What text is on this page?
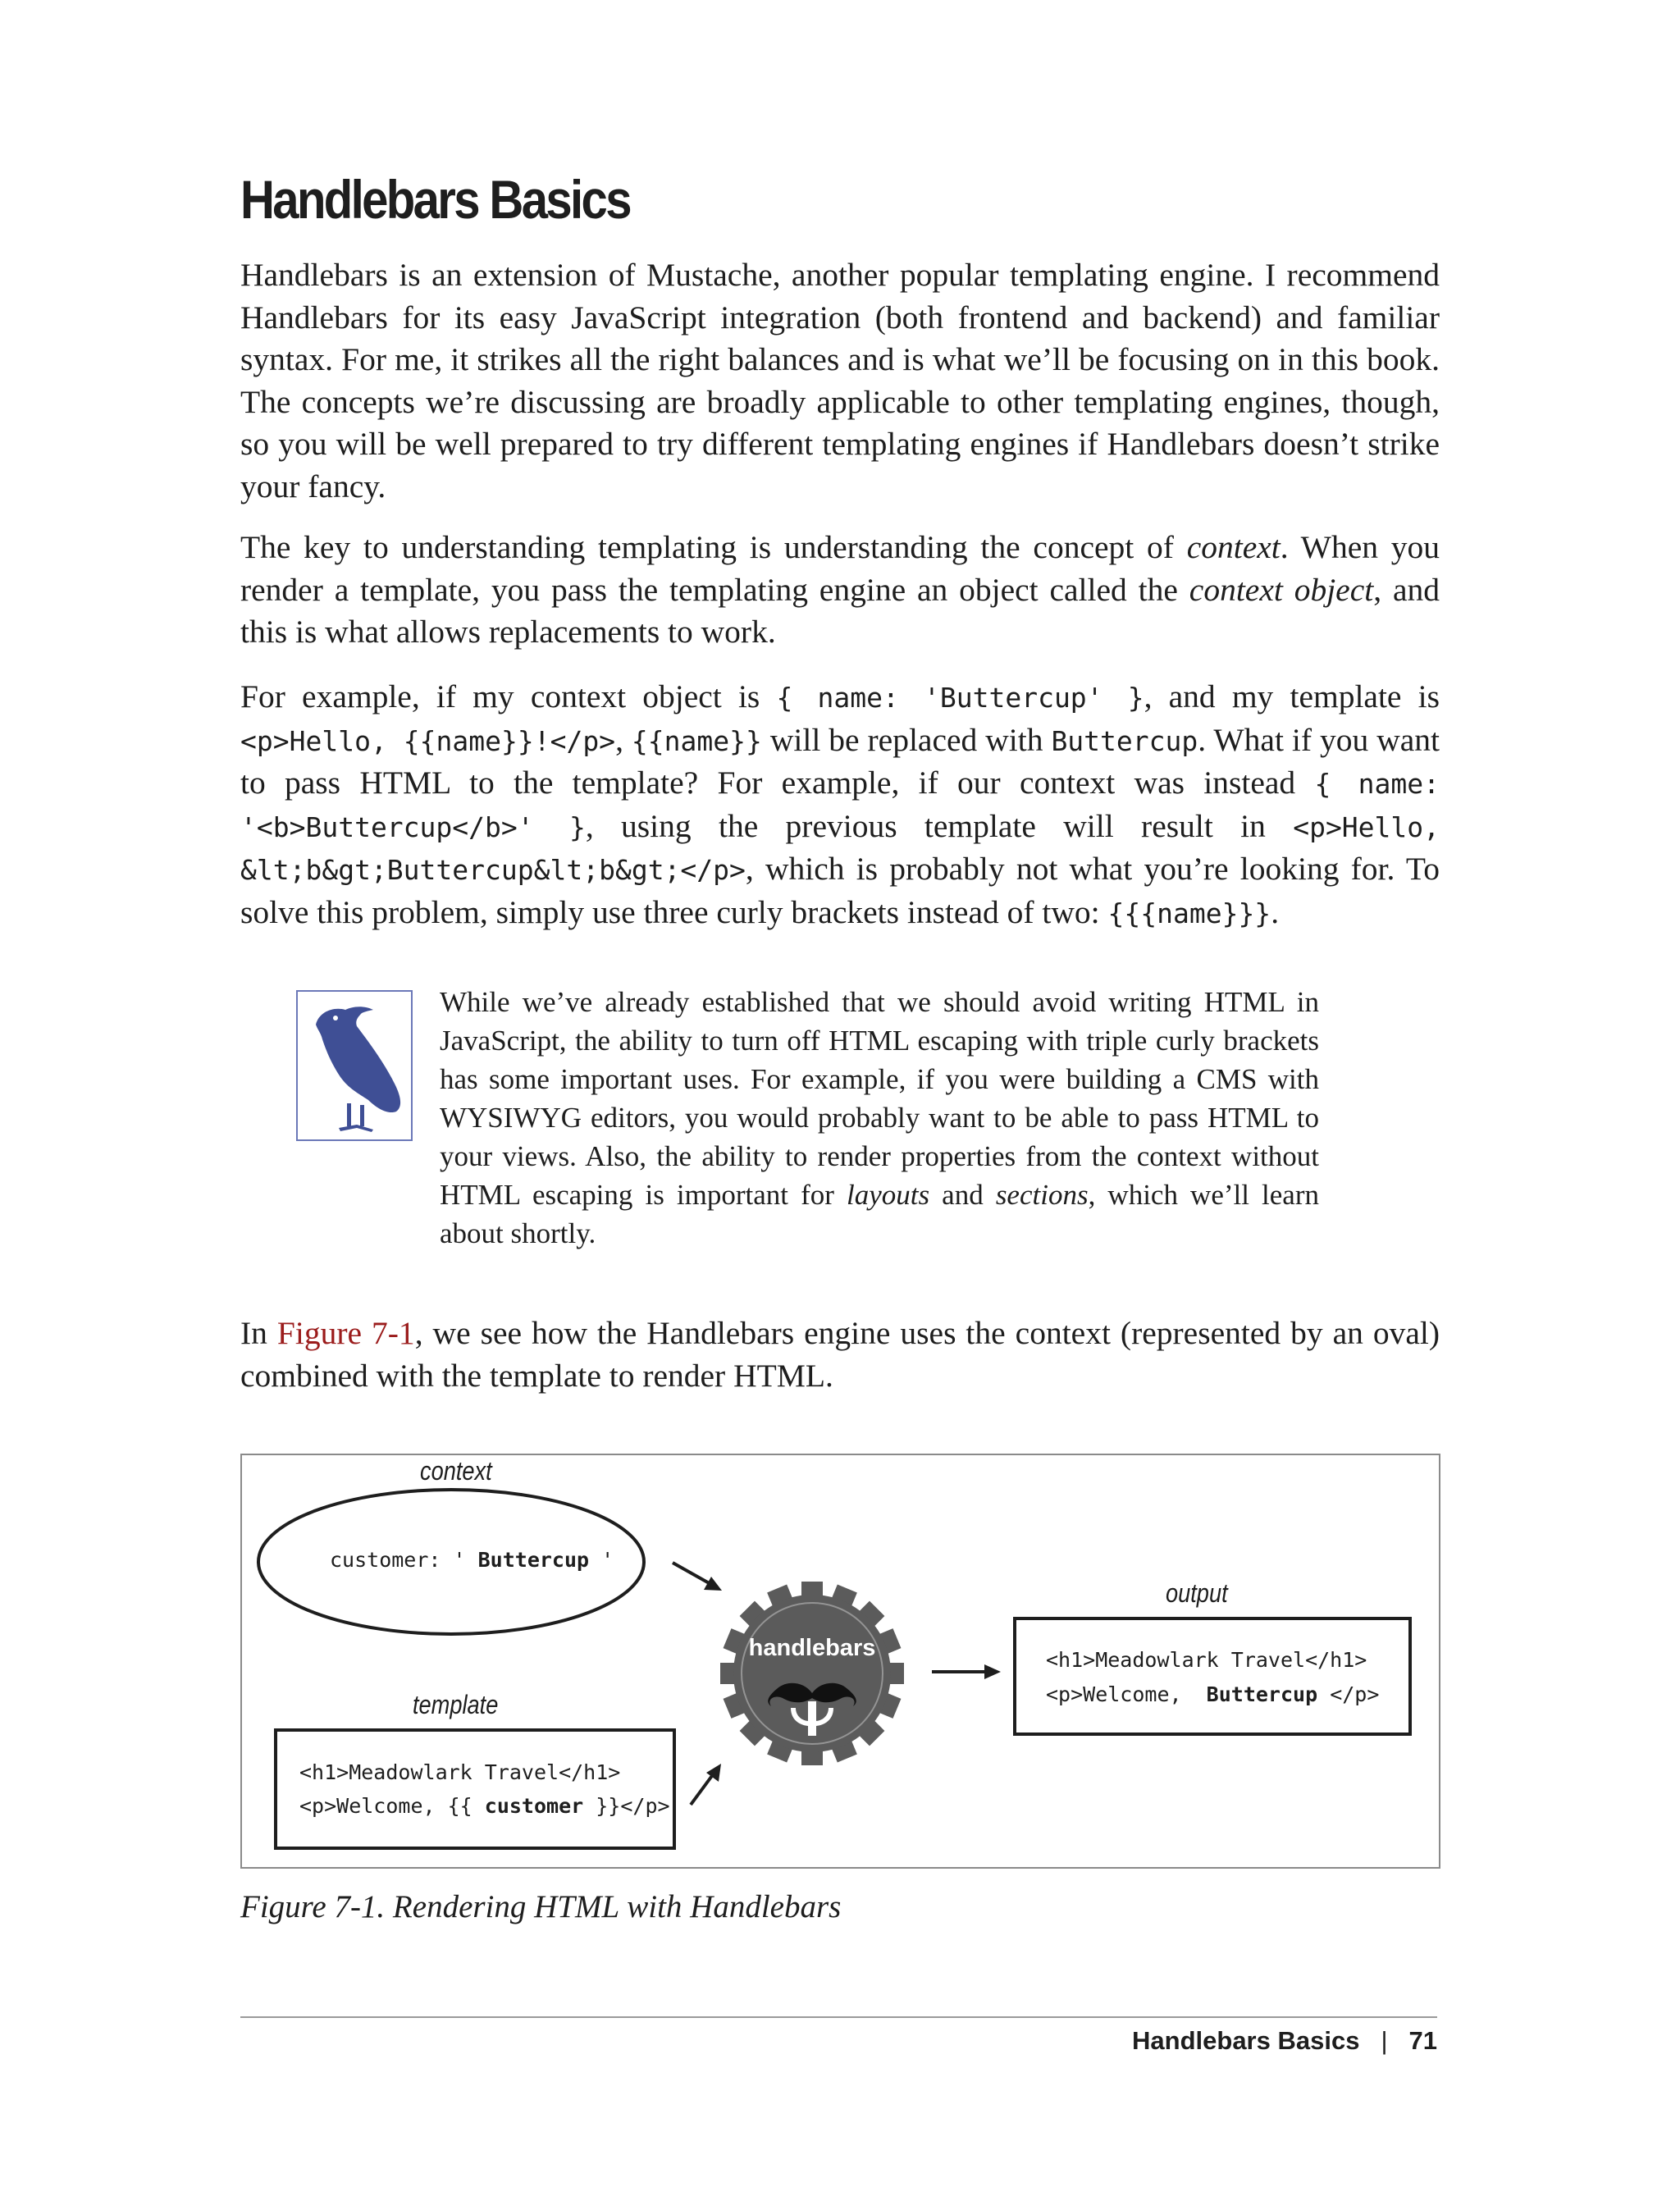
Handlebars Basics

Handlebars is an extension of Mustache, another popular templating engine. I recommend Handlebars for its easy JavaScript integration (both frontend and backend) and familiar syntax. For me, it strikes all the right balances and is what we’ll be focusing on in this book. The concepts we’re discussing are broadly applicable to other templating engines, though, so you will be well prepared to try different templating engines if Handlebars doesn’t strike your fancy.

The key to understanding templating is understanding the concept of context. When you render a template, you pass the templating engine an object called the context object, and this is what allows replacements to work.

For example, if my context object is { name: 'Buttercup' }, and my template is <p>Hello, {{name}}!</p>, {{name}} will be replaced with Buttercup. What if you want to pass HTML to the template? For example, if our context was instead { name: '<b>Buttercup</b>' }, using the previous template will result in <p>Hello, &lt;b&gt;Buttercup&lt;b&gt;</p>, which is probably not what you’re looking for. To solve this problem, simply use three curly brackets instead of two: {{{name}}}.

While we’ve already established that we should avoid writing HTML in JavaScript, the ability to turn off HTML escaping with triple curly brackets has some important uses. For example, if you were building a CMS with WYSIWYG editors, you would probably want to be able to pass HTML to your views. Also, the ability to render properties from the context without HTML escaping is important for layouts and sections, which we’ll learn about shortly.

In Figure 7-1, we see how the Handlebars engine uses the context (represented by an oval) combined with the template to render HTML.

handlebars
context
customer: ' Buttercup '
template
<h1>Meadowlark Travel</h1>
<p>Welcome, {{ customer }}</p>
output
<h1>Meadowlark Travel</h1>
<p>Welcome,  Buttercup </p>
Figure 7-1. Rendering HTML with Handlebars
Handlebars Basics | 71
